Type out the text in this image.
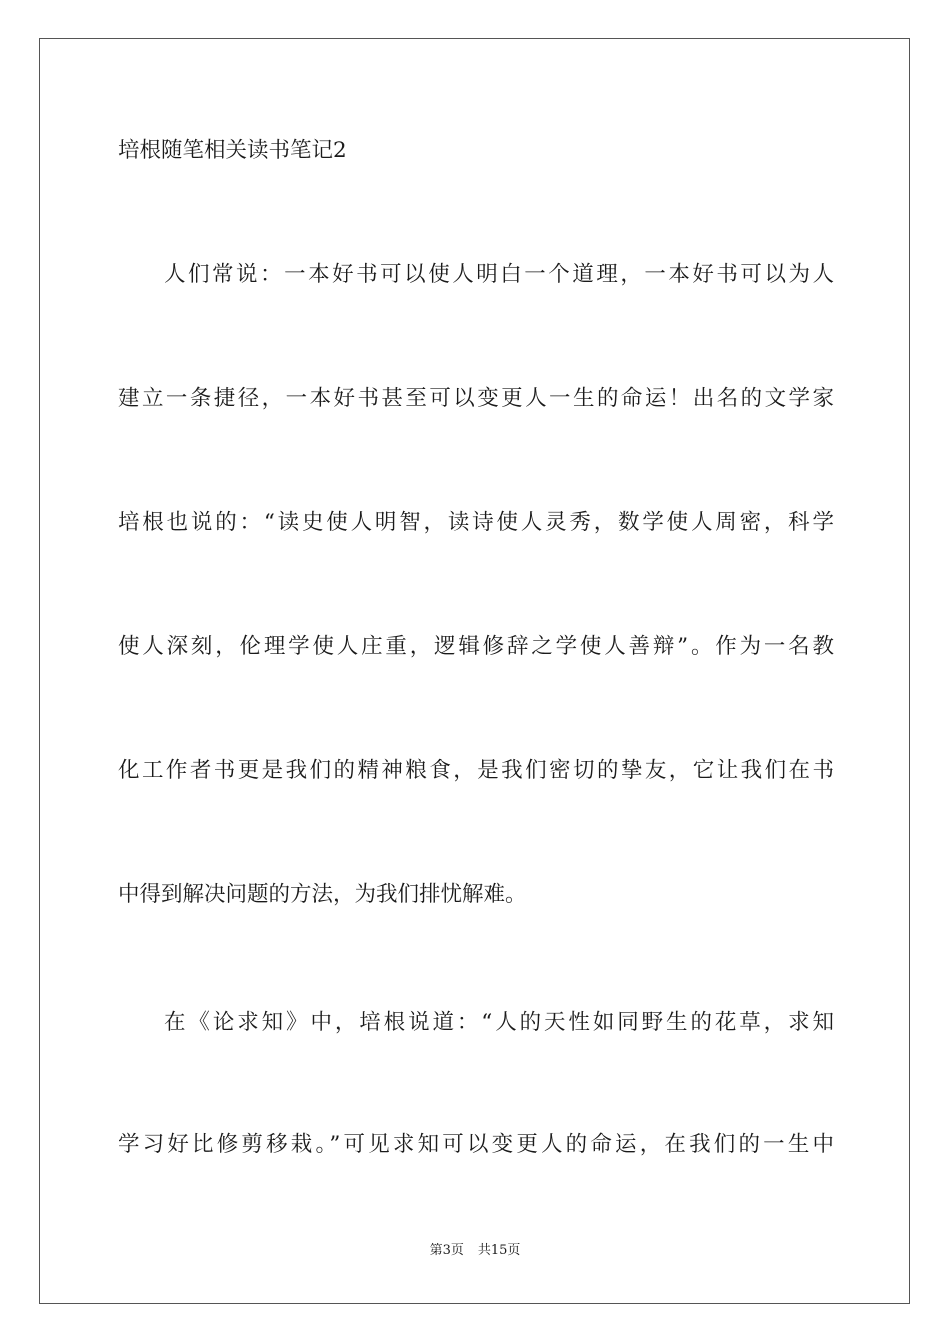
培根随笔相关读书笔记2
人们常说：一本好书可以使人明白一个道理，一本好书可以为人
建立一条捷径，一本好书甚至可以变更人一生的命运！出名的文学家
培根也说的：“读史使人明智，读诗使人灵秀，数学使人周密，科学
使人深刻，伦理学使人庄重，逻辑修辞之学使人善辩”。作为一名教
化工作者书更是我们的精神粮食，是我们密切的挚友，它让我们在书
中得到解决问题的方法，为我们排忧解难。
在《论求知》中，培根说道：“人的天性如同野生的花草，求知
学习好比修剪移栽。”可见求知可以变更人的命运，在我们的一生中
第3页 共15页
